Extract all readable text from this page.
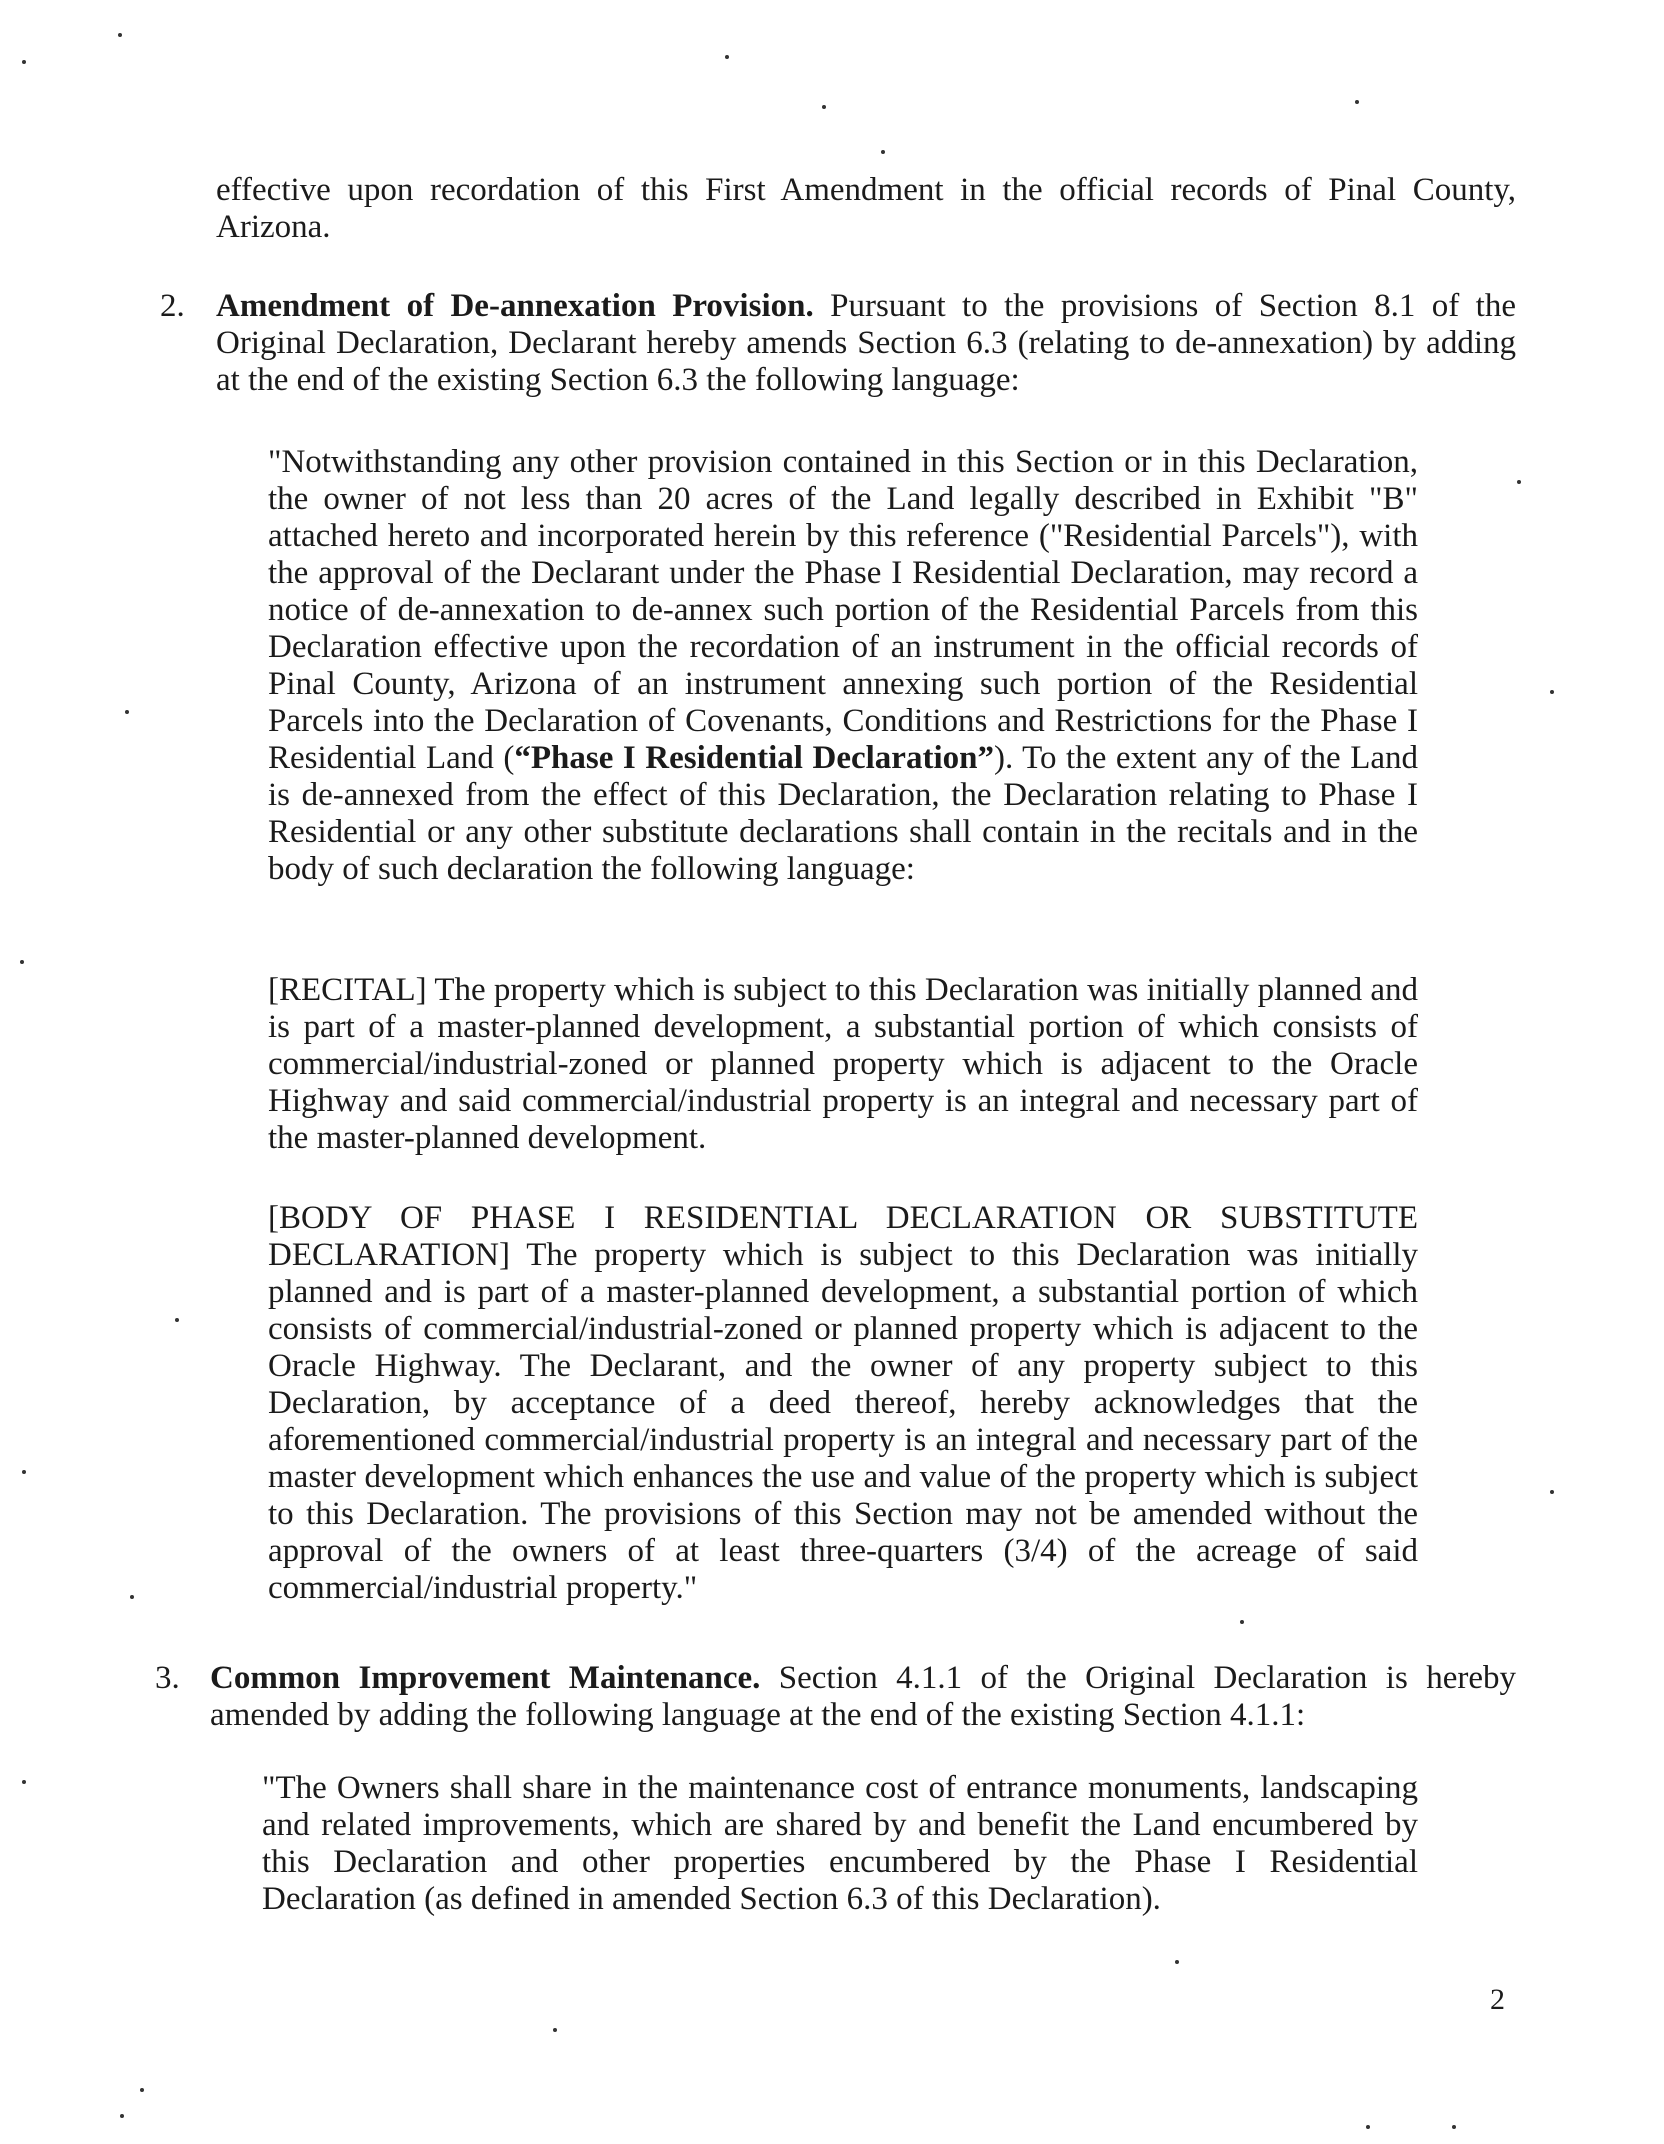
effective upon recordation of this First Amendment in the official records of Pinal County, Arizona.

2. Amendment of De-annexation Provision. Pursuant to the provisions of Section 8.1 of the Original Declaration, Declarant hereby amends Section 6.3 (relating to de-annexation) by adding at the end of the existing Section 6.3 the following language:

"Notwithstanding any other provision contained in this Section or in this Declaration, the owner of not less than 20 acres of the Land legally described in Exhibit "B" attached hereto and incorporated herein by this reference ("Residential Parcels"), with the approval of the Declarant under the Phase I Residential Declaration, may record a notice of de-annexation to de-annex such portion of the Residential Parcels from this Declaration effective upon the recordation of an instrument in the official records of Pinal County, Arizona of an instrument annexing such portion of the Residential Parcels into the Declaration of Covenants, Conditions and Restrictions for the Phase I Residential Land (“Phase I Residential Declaration”). To the extent any of the Land is de-annexed from the effect of this Declaration, the Declaration relating to Phase I Residential or any other substitute declarations shall contain in the recitals and in the body of such declaration the following language:

[RECITAL] The property which is subject to this Declaration was initially planned and is part of a master-planned development, a substantial portion of which consists of commercial/industrial-zoned or planned property which is adjacent to the Oracle Highway and said commercial/industrial property is an integral and necessary part of the master-planned development.

[BODY OF PHASE I RESIDENTIAL DECLARATION OR SUBSTITUTE DECLARATION] The property which is subject to this Declaration was initially planned and is part of a master-planned development, a substantial portion of which consists of commercial/industrial-zoned or planned property which is adjacent to the Oracle Highway. The Declarant, and the owner of any property subject to this Declaration, by acceptance of a deed thereof, hereby acknowledges that the aforementioned commercial/industrial property is an integral and necessary part of the master development which enhances the use and value of the property which is subject to this Declaration. The provisions of this Section may not be amended without the approval of the owners of at least three-quarters (3/4) of the acreage of said commercial/industrial property."

3. Common Improvement Maintenance. Section 4.1.1 of the Original Declaration is hereby amended by adding the following language at the end of the existing Section 4.1.1:

"The Owners shall share in the maintenance cost of entrance monuments, landscaping and related improvements, which are shared by and benefit the Land encumbered by this Declaration and other properties encumbered by the Phase I Residential Declaration (as defined in amended Section 6.3 of this Declaration).

2
